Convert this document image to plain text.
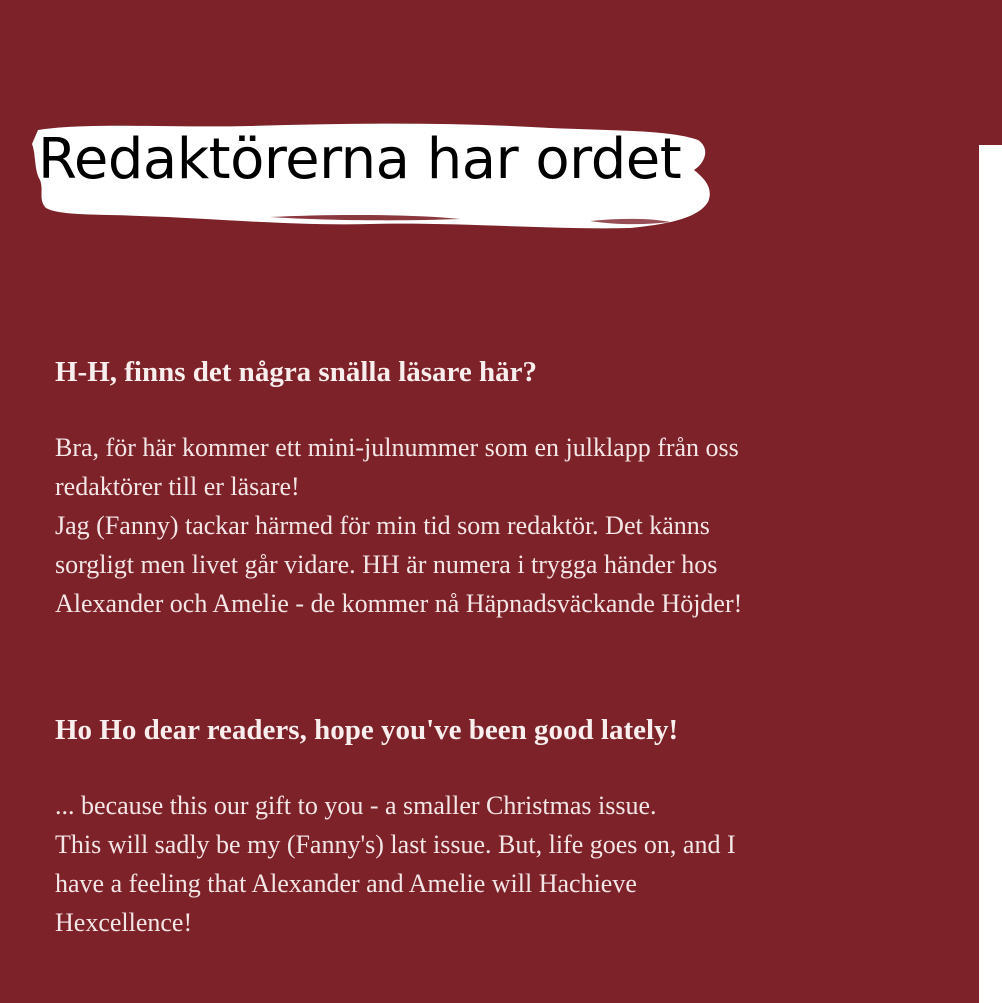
Redaktörerna har ordet
H-H, finns det några snälla läsare här?

Bra, för här kommer ett mini-julnummer som en julklapp från oss
redaktörer till er läsare!
Jag (Fanny) tackar härmed för min tid som redaktör. Det känns
sorgligt men livet går vidare. HH är numera i trygga händer hos
Alexander och Amelie - de kommer nå Häpnadsväckande Höjder!

Ho Ho dear readers, hope you've been good lately!

... because this our gift to you - a smaller Christmas issue.
This will sadly be my (Fanny's) last issue. But, life goes on, and I
have a feeling that Alexander and Amelie will Hachieve
Hexcellence!
